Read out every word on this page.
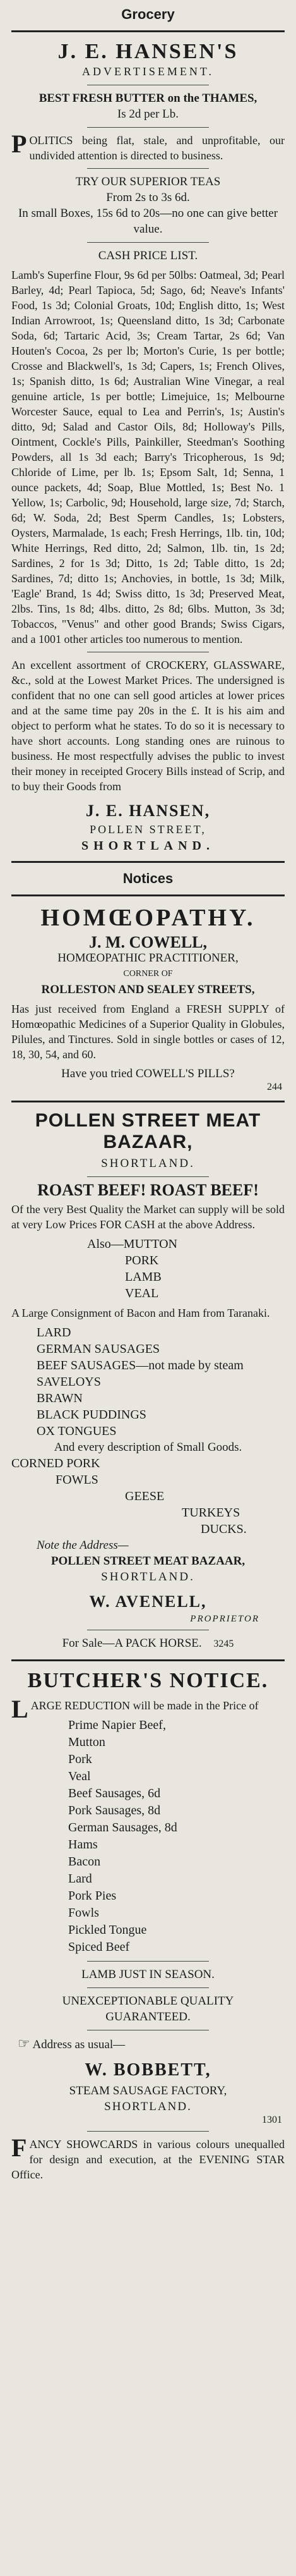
Grocery
J. E. HANSEN'S
ADVERTISEMENT.
BEST FRESH BUTTER on the THAMES,
Is 2d per Lb.
POLITICS being flat, stale, and unprofitable, our undivided attention is directed to business.
TRY OUR SUPERIOR TEAS
From 2s to 3s 6d.
In small Boxes, 15s 6d to 20s—no one can give better value.
CASH PRICE LIST.
Lamb's Superfine Flour, 9s 6d per 50lbs: Oatmeal, 3d; Pearl Barley, 4d; Pearl Tapioca, 5d; Sago, 6d; Neave's Infants' Food, 1s 3d; Colonial Groats, 10d; English ditto, 1s; West Indian Arrowroot, 1s; Queensland ditto, 1s 3d; Carbonate Soda, 6d; Tartaric Acid, 3s; Cream Tartar, 2s 6d; Van Houten's Cocoa, 2s per lb; Morton's Curie, 1s per bottle; Crosse and Blackwell's, 1s 3d; Capers, 1s; French Olives, 1s; Spanish ditto, 1s 6d; Australian Wine Vinegar, a real genuine article, 1s per bottle; Limejuice, 1s; Melbourne Worcester Sauce, equal to Lea and Perrin's, 1s; Austin's ditto, 9d; Salad and Castor Oils, 8d; Holloway's Pills, Ointment, Cockle's Pills, Painkiller, Steedman's Soothing Powders, all 1s 3d each; Barry's Tricopherous, 1s 9d; Chloride of Lime, per lb. 1s; Epsom Salt, 1d; Senna, 1 ounce packets, 4d; Soap, Blue Mottled, 1s; Best No. 1 Yellow, 1s; Carbolic, 9d; Household, large size, 7d; Starch, 6d; W. Soda, 2d; Best Sperm Candles, 1s; Lobsters, Oysters, Marmalade, 1s each; Fresh Herrings, 1lb. tin, 10d; White Herrings, Red ditto, 2d; Salmon, 1lb. tin, 1s 2d; Sardines, 2 for 1s 3d; Ditto, 1s 2d; Table ditto, 1s 2d; Sardines, 7d; ditto 1s; Anchovies, in bottle, 1s 3d; Milk, 'Eagle' Brand, 1s 4d; Swiss ditto, 1s 3d; Preserved Meat, 2lbs. Tins, 1s 8d; 4lbs. ditto, 2s 8d; 6lbs. Mutton, 3s 3d; Tobaccos, "Venus" and other good Brands; Swiss Cigars, and a 1001 other articles too numerous to mention.
An excellent assortment of CROCKERY, GLASSWARE, &c., sold at the Lowest Market Prices. The undersigned is confident that no one can sell good articles at lower prices and at the same time pay 20s in the £. It is his aim and object to perform what he states. To do so it is necessary to have short accounts. Long standing ones are ruinous to business. He most respectfully advises the public to invest their money in receipted Grocery Bills instead of Scrip, and to buy their Goods from
J. E. HANSEN,
POLLEN STREET,
SHORTLAND.
Notices
HOMŒOPATHY.
J. M. COWELL,
HOMŒOPATHIC PRACTITIONER,
CORNER OF
ROLLESTON AND SEALEY STREETS,
Has just received from England a FRESH SUPPLY of Homœopathic Medicines of a Superior Quality in Globules, Pilules, and Tinctures. Sold in single bottles or cases of 12, 18, 30, 54, and 60.
Have you tried COWELL'S PILLS?
244
POLLEN STREET MEAT BAZAAR,
SHORTLAND.
ROAST BEEF! ROAST BEEF!
Of the very Best Quality the Market can supply will be sold at very Low Prices FOR CASH at the above Address.
Also—MUTTON
PORK
LAMB
VEAL
A Large Consignment of Bacon and Ham from Taranaki.
LARD
GERMAN SAUSAGES
BEEF SAUSAGES—not made by steam
SAVELOYS
BRAWN
BLACK PUDDINGS
OX TONGUES
And every description of Small Goods.
CORNED PORK
FOWLS
GEESE
TURKEYS
DUCKS.
Note the Address—
POLLEN STREET MEAT BAZAAR,
SHORTLAND.
W. AVENELL,
PROPRIETOR
For Sale—A PACK HORSE. 3245
BUTCHER'S NOTICE.
LARGE REDUCTION will be made in the Price of
Prime Napier Beef,
Mutton
Pork
Veal
Beef Sausages, 6d
Pork Sausages, 8d
German Sausages, 8d
Hams
Bacon
Lard
Pork Pies
Fowls
Pickled Tongue
Spiced Beef
LAMB JUST IN SEASON.
UNEXCEPTIONABLE QUALITY
GUARANTEED.
☞ Address as usual—
W. BOBBETT,
STEAM SAUSAGE FACTORY,
SHORTLAND.
1301
FANCY SHOWCARDS in various colours unequalled for design and execution, at the EVENING STAR Office.
